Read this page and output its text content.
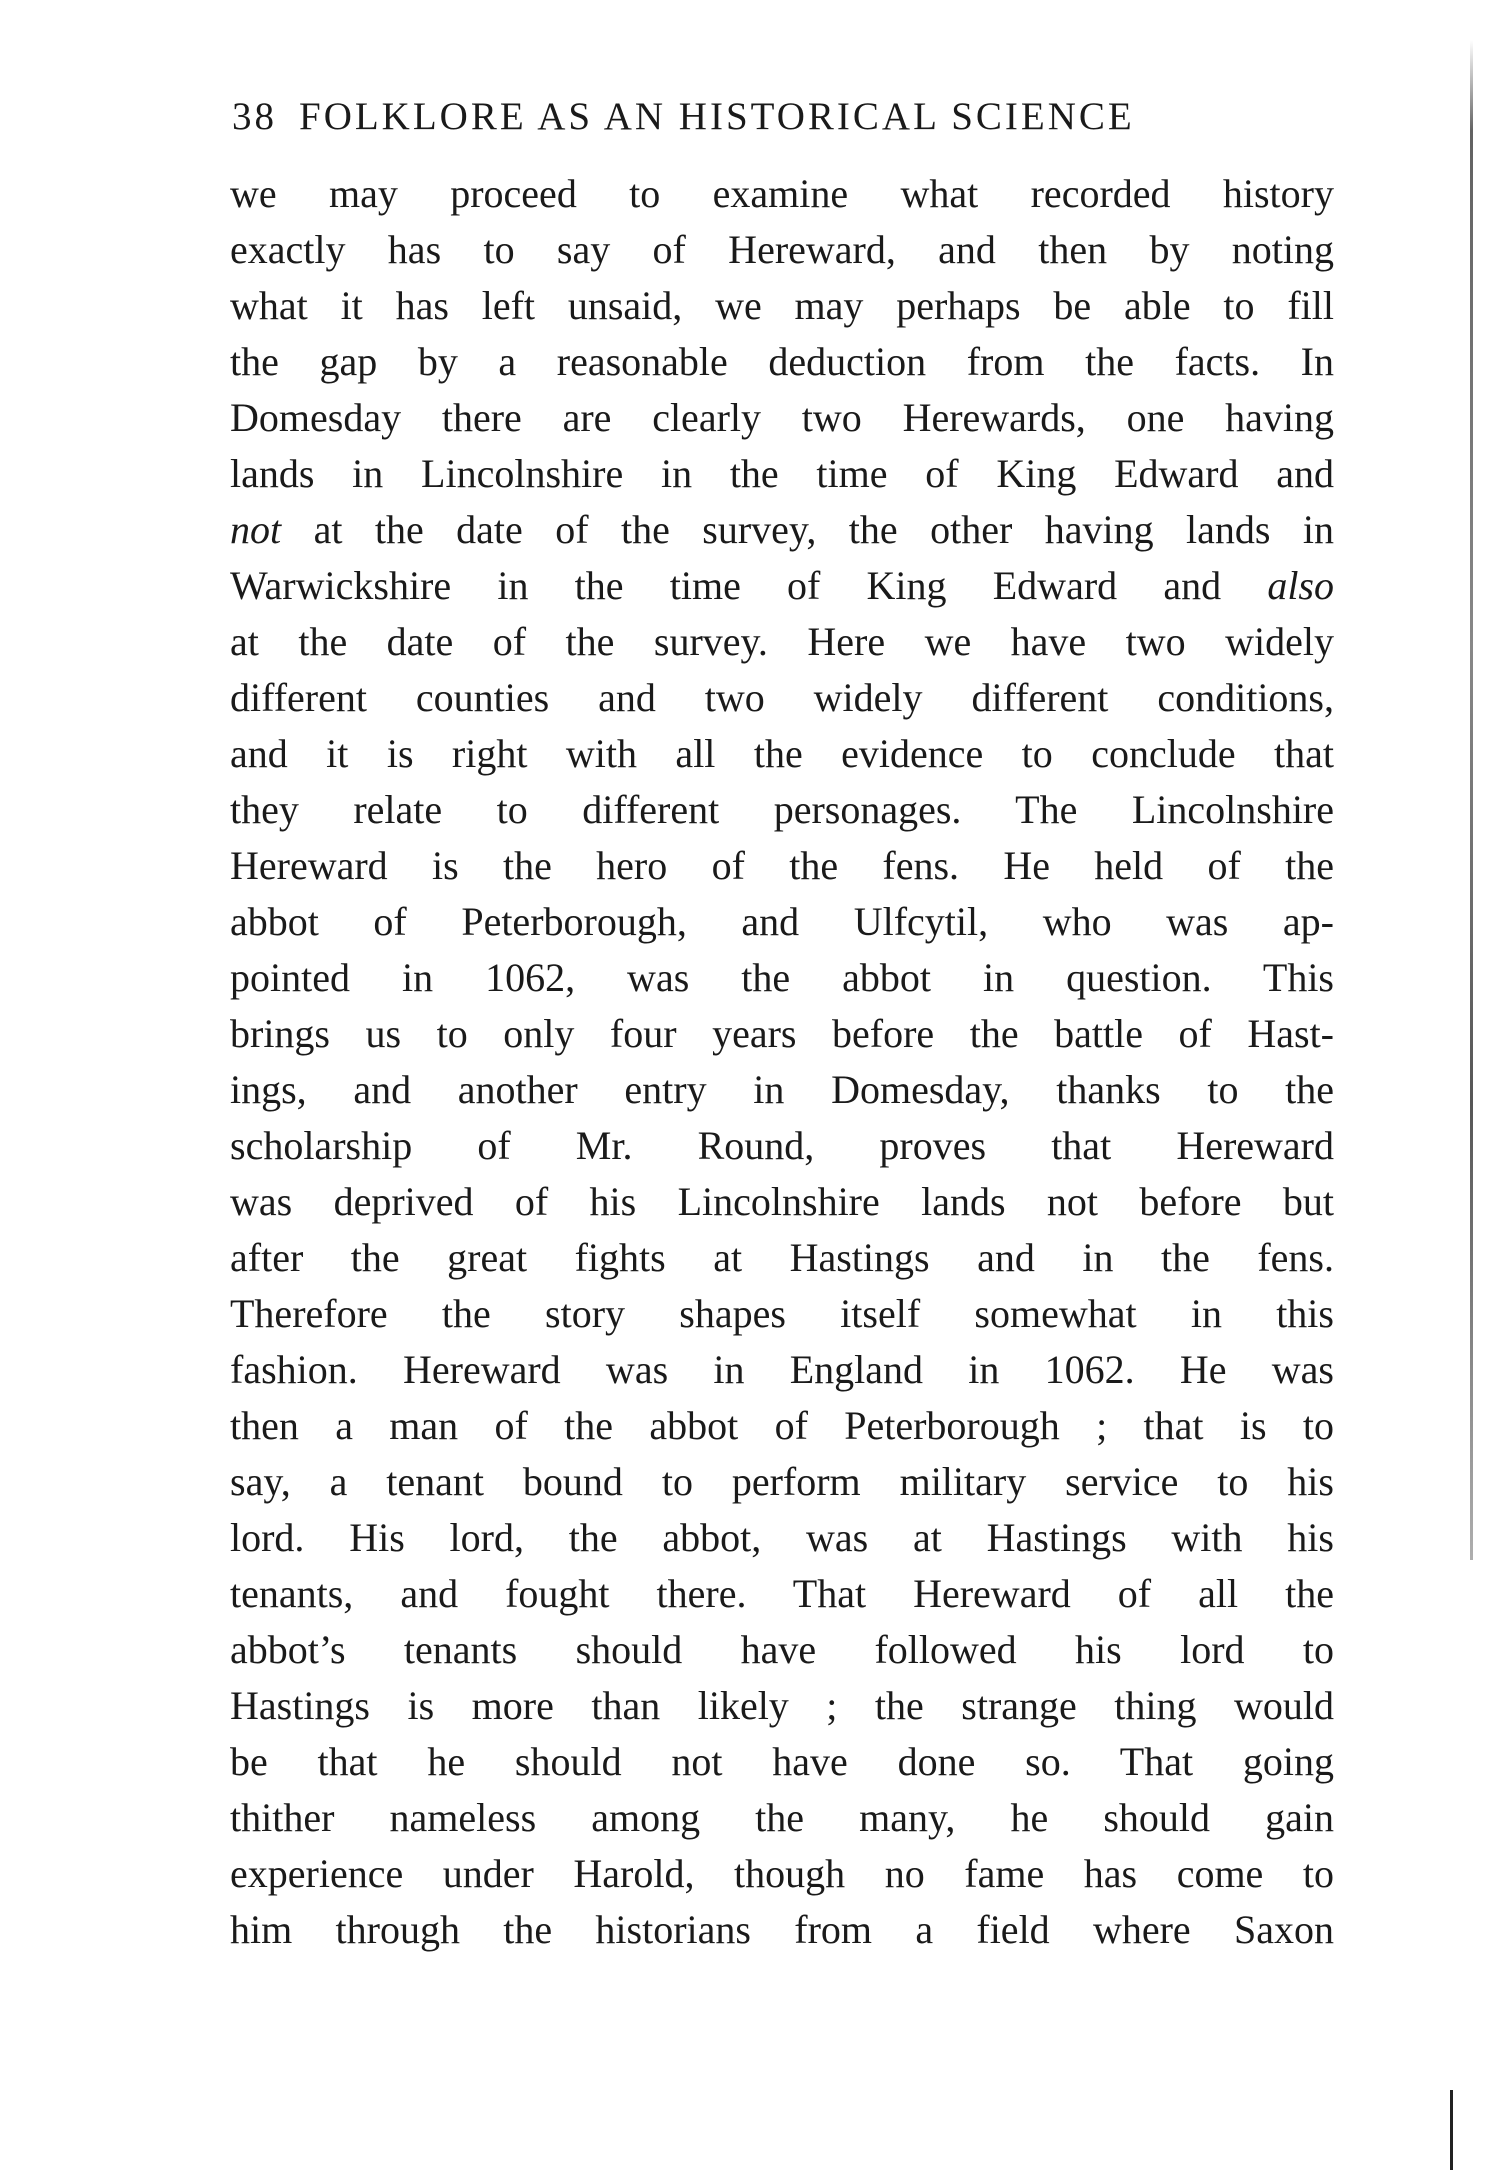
38 FOLKLORE AS AN HISTORICAL SCIENCE
we may proceed to examine what recorded history
exactly has to say of Hereward, and then by noting
what it has left unsaid, we may perhaps be able to fill
the gap by a reasonable deduction from the facts. In
Domesday there are clearly two Herewards, one having
lands in Lincolnshire in the time of King Edward and
not at the date of the survey, the other having lands in
Warwickshire in the time of King Edward and also
at the date of the survey. Here we have two widely
different counties and two widely different conditions,
and it is right with all the evidence to conclude that
they relate to different personages. The Lincolnshire
Hereward is the hero of the fens. He held of the
abbot of Peterborough, and Ulfcytil, who was ap-
pointed in 1062, was the abbot in question. This
brings us to only four years before the battle of Hast-
ings, and another entry in Domesday, thanks to the
scholarship of Mr. Round, proves that Hereward
was deprived of his Lincolnshire lands not before but
after the great fights at Hastings and in the fens.
Therefore the story shapes itself somewhat in this
fashion. Hereward was in England in 1062. He was
then a man of the abbot of Peterborough ; that is to
say, a tenant bound to perform military service to his
lord. His lord, the abbot, was at Hastings with his
tenants, and fought there. That Hereward of all the
abbot’s tenants should have followed his lord to
Hastings is more than likely ; the strange thing would
be that he should not have done so. That going
thither nameless among the many, he should gain
experience under Harold, though no fame has come to
him through the historians from a field where Saxon
